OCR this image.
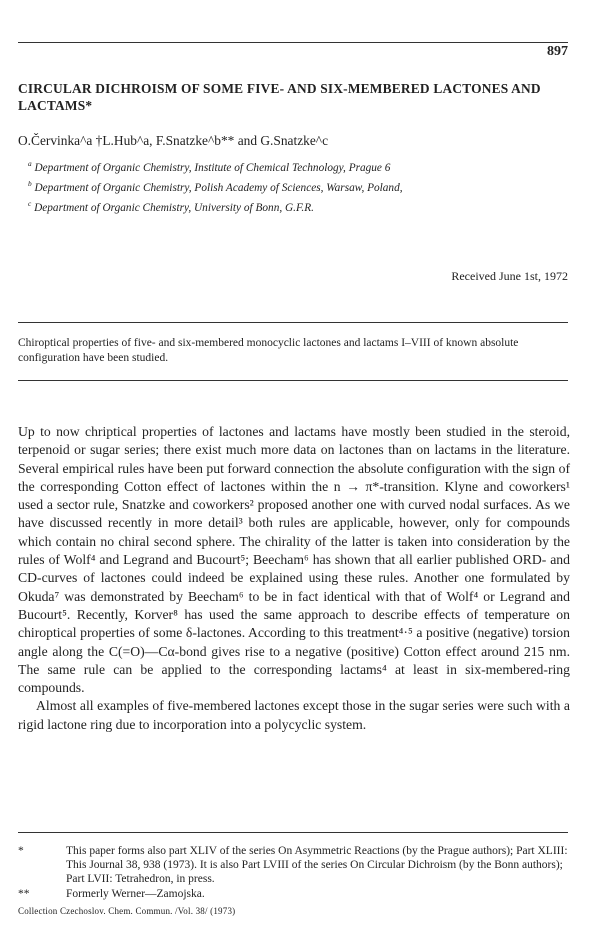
897
CIRCULAR DICHROISM OF SOME FIVE- AND SIX-MEMBERED LACTONES AND LACTAMS*
O.Červinka^a †L.Hub^a, F.Snatzke^b** and G.Snatzke^c
$^a$ Department of Organic Chemistry, Institute of Chemical Technology, Prague 6
$^b$ Department of Organic Chemistry, Polish Academy of Sciences, Warsaw, Poland,
$^c$ Department of Organic Chemistry, University of Bonn, G.F.R.
Received June 1st, 1972
Chiroptical properties of five- and six-membered monocyclic lactones and lactams I–VIII of known absolute configuration have been studied.

Up to now chriptical properties of lactones and lactams have mostly been studied in the steroid, terpenoid or sugar series; there exist much more data on lactones than on lactams in the literature. Several empirical rules have been put forward connection the absolute configuration with the sign of the corresponding Cotton effect of lactones within the n → π*-transition. Klyne and coworkers¹ used a sector rule, Snatzke and coworkers² proposed another one with curved nodal surfaces. As we have discussed recently in more detail³ both rules are applicable, however, only for compounds which contain no chiral second sphere. The chirality of the latter is taken into consideration by the rules of Wolf⁴ and Legrand and Bucourt⁵; Beecham⁶ has shown that all earlier published ORD- and CD-curves of lactones could indeed be explained using these rules. Another one formulated by Okuda⁷ was demonstrated by Beecham⁶ to be in fact identical with that of Wolf⁴ or Legrand and Bucourt⁵. Recently, Korver⁸ has used the same approach to describe effects of temperature on chiroptical properties of some δ-lactones. According to this treatment⁴·⁵ a positive (negative) torsion angle along the C(=O)—Cα-bond gives rise to a negative (positive) Cotton effect around 215 nm. The same rule can be applied to the corresponding lactams⁴ at least in six-membered-ring compounds.

Almost all examples of five-membered lactones except those in the sugar series were such with a rigid lactone ring due to incorporation into a polycyclic system.

*	This paper forms also part XLIV of the series On Asymmetric Reactions (by the Prague authors); Part XLIII: This Journal 38, 938 (1973). It is also Part LVIII of the series On Circular Dichroism (by the Bonn authors); Part LVII: Tetrahedron, in press.
**	Formerly Werner—Zamojska.
Collection Czechoslov. Chem. Commun. /Vol. 38/ (1973)
